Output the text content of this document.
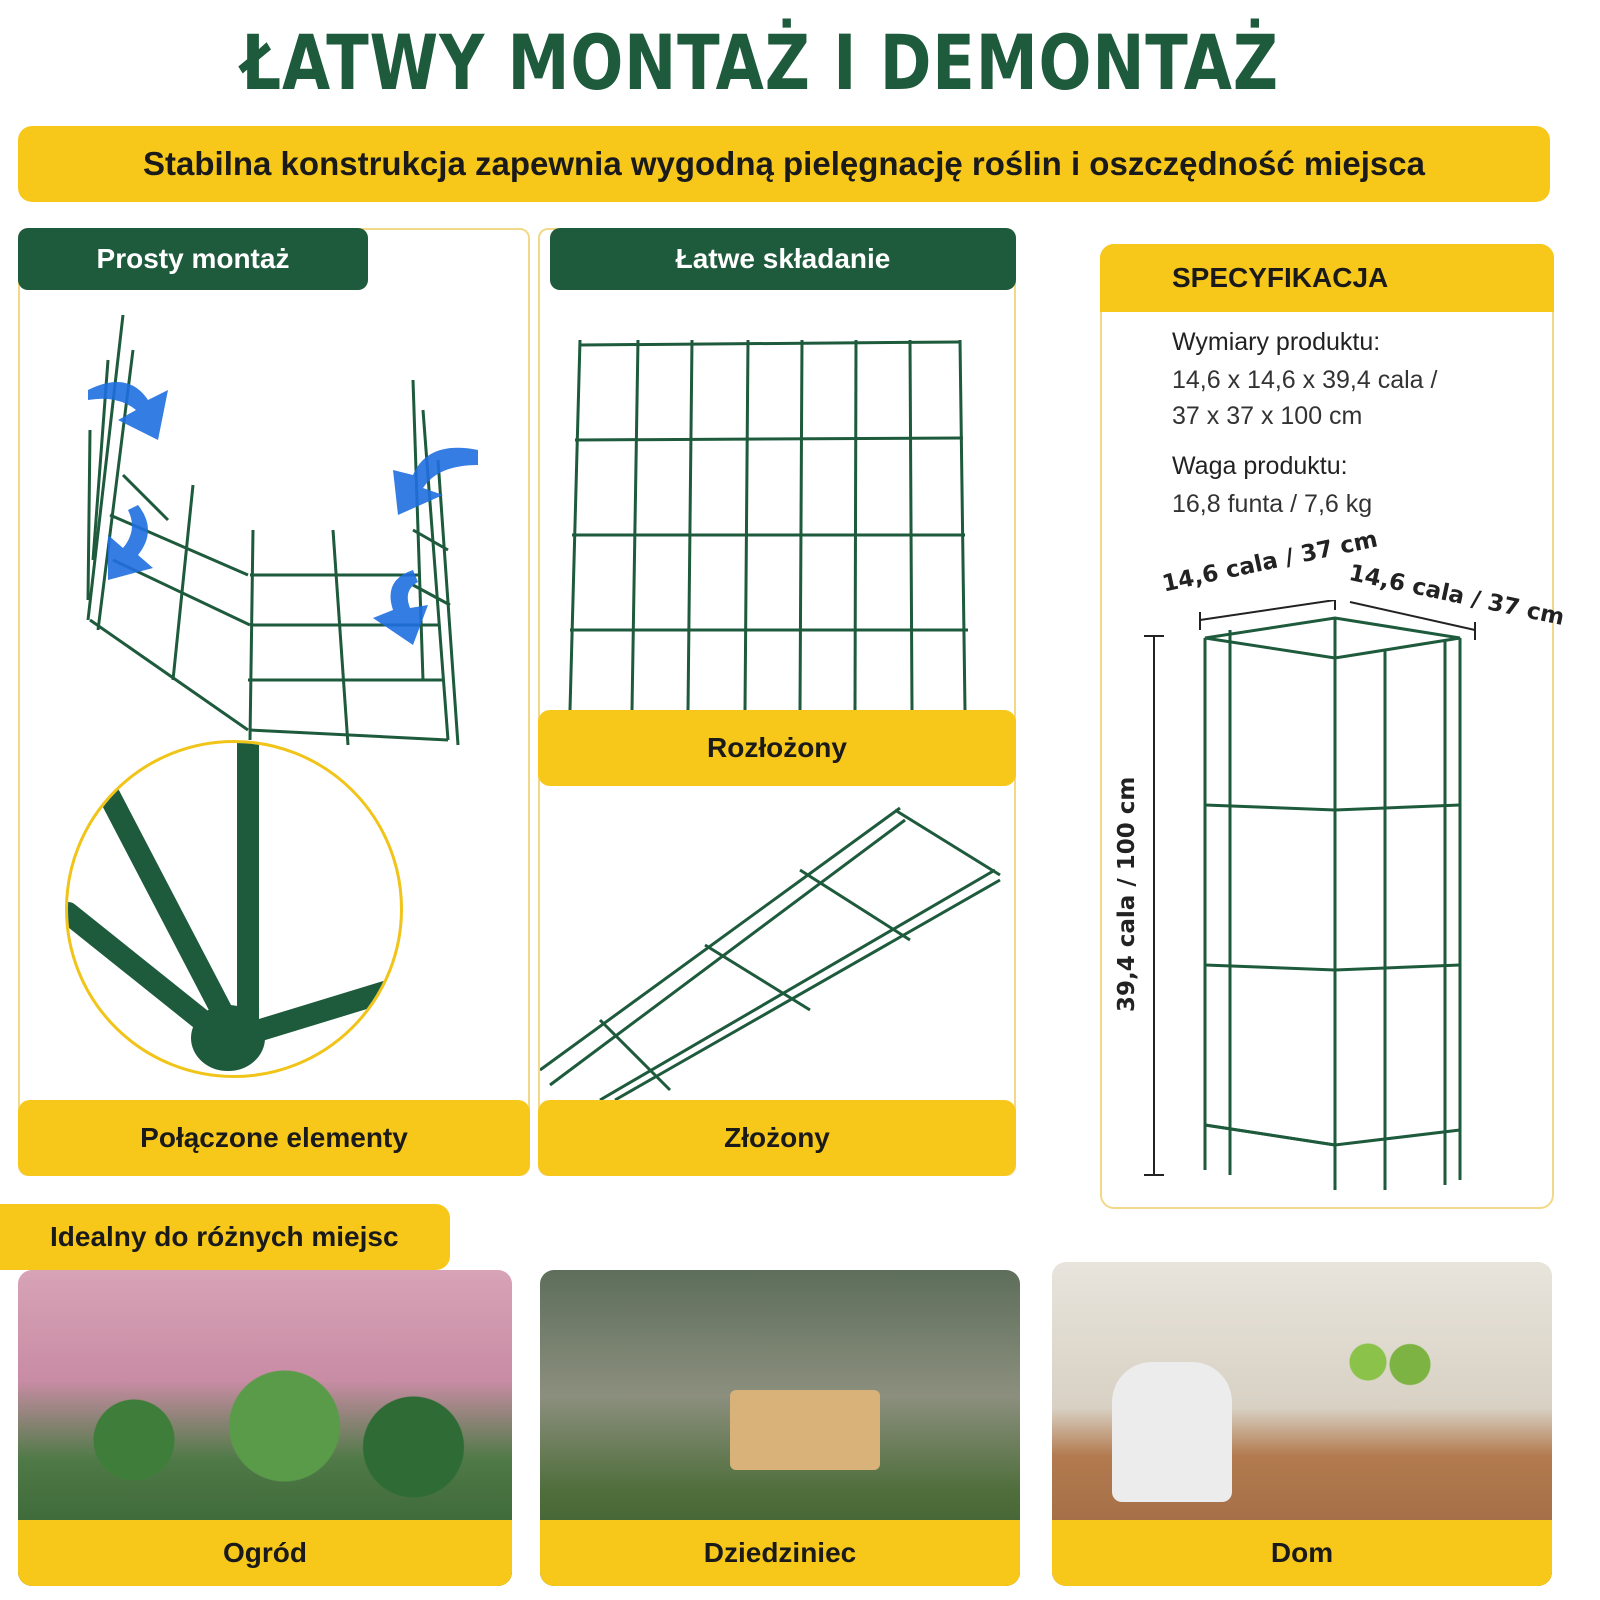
ŁATWY MONTAŻ I DEMONTAŻ
Stabilna konstrukcja zapewnia wygodną pielęgnację roślin i oszczędność miejsca
Prosty montaż
Połączone elementy
Łatwe składanie
Rozłożony
Złożony
SPECYFIKACJA
Wymiary produktu:
14,6 x 14,6 x 39,4 cala /
37 x 37 x 100 cm
Waga produktu:
16,8 funta / 7,6 kg
14,6 cala / 37 cm
14,6 cala / 37 cm
39,4 cala / 100 cm
Idealny do różnych miejsc
Ogród	Dziedziniec	Dom
